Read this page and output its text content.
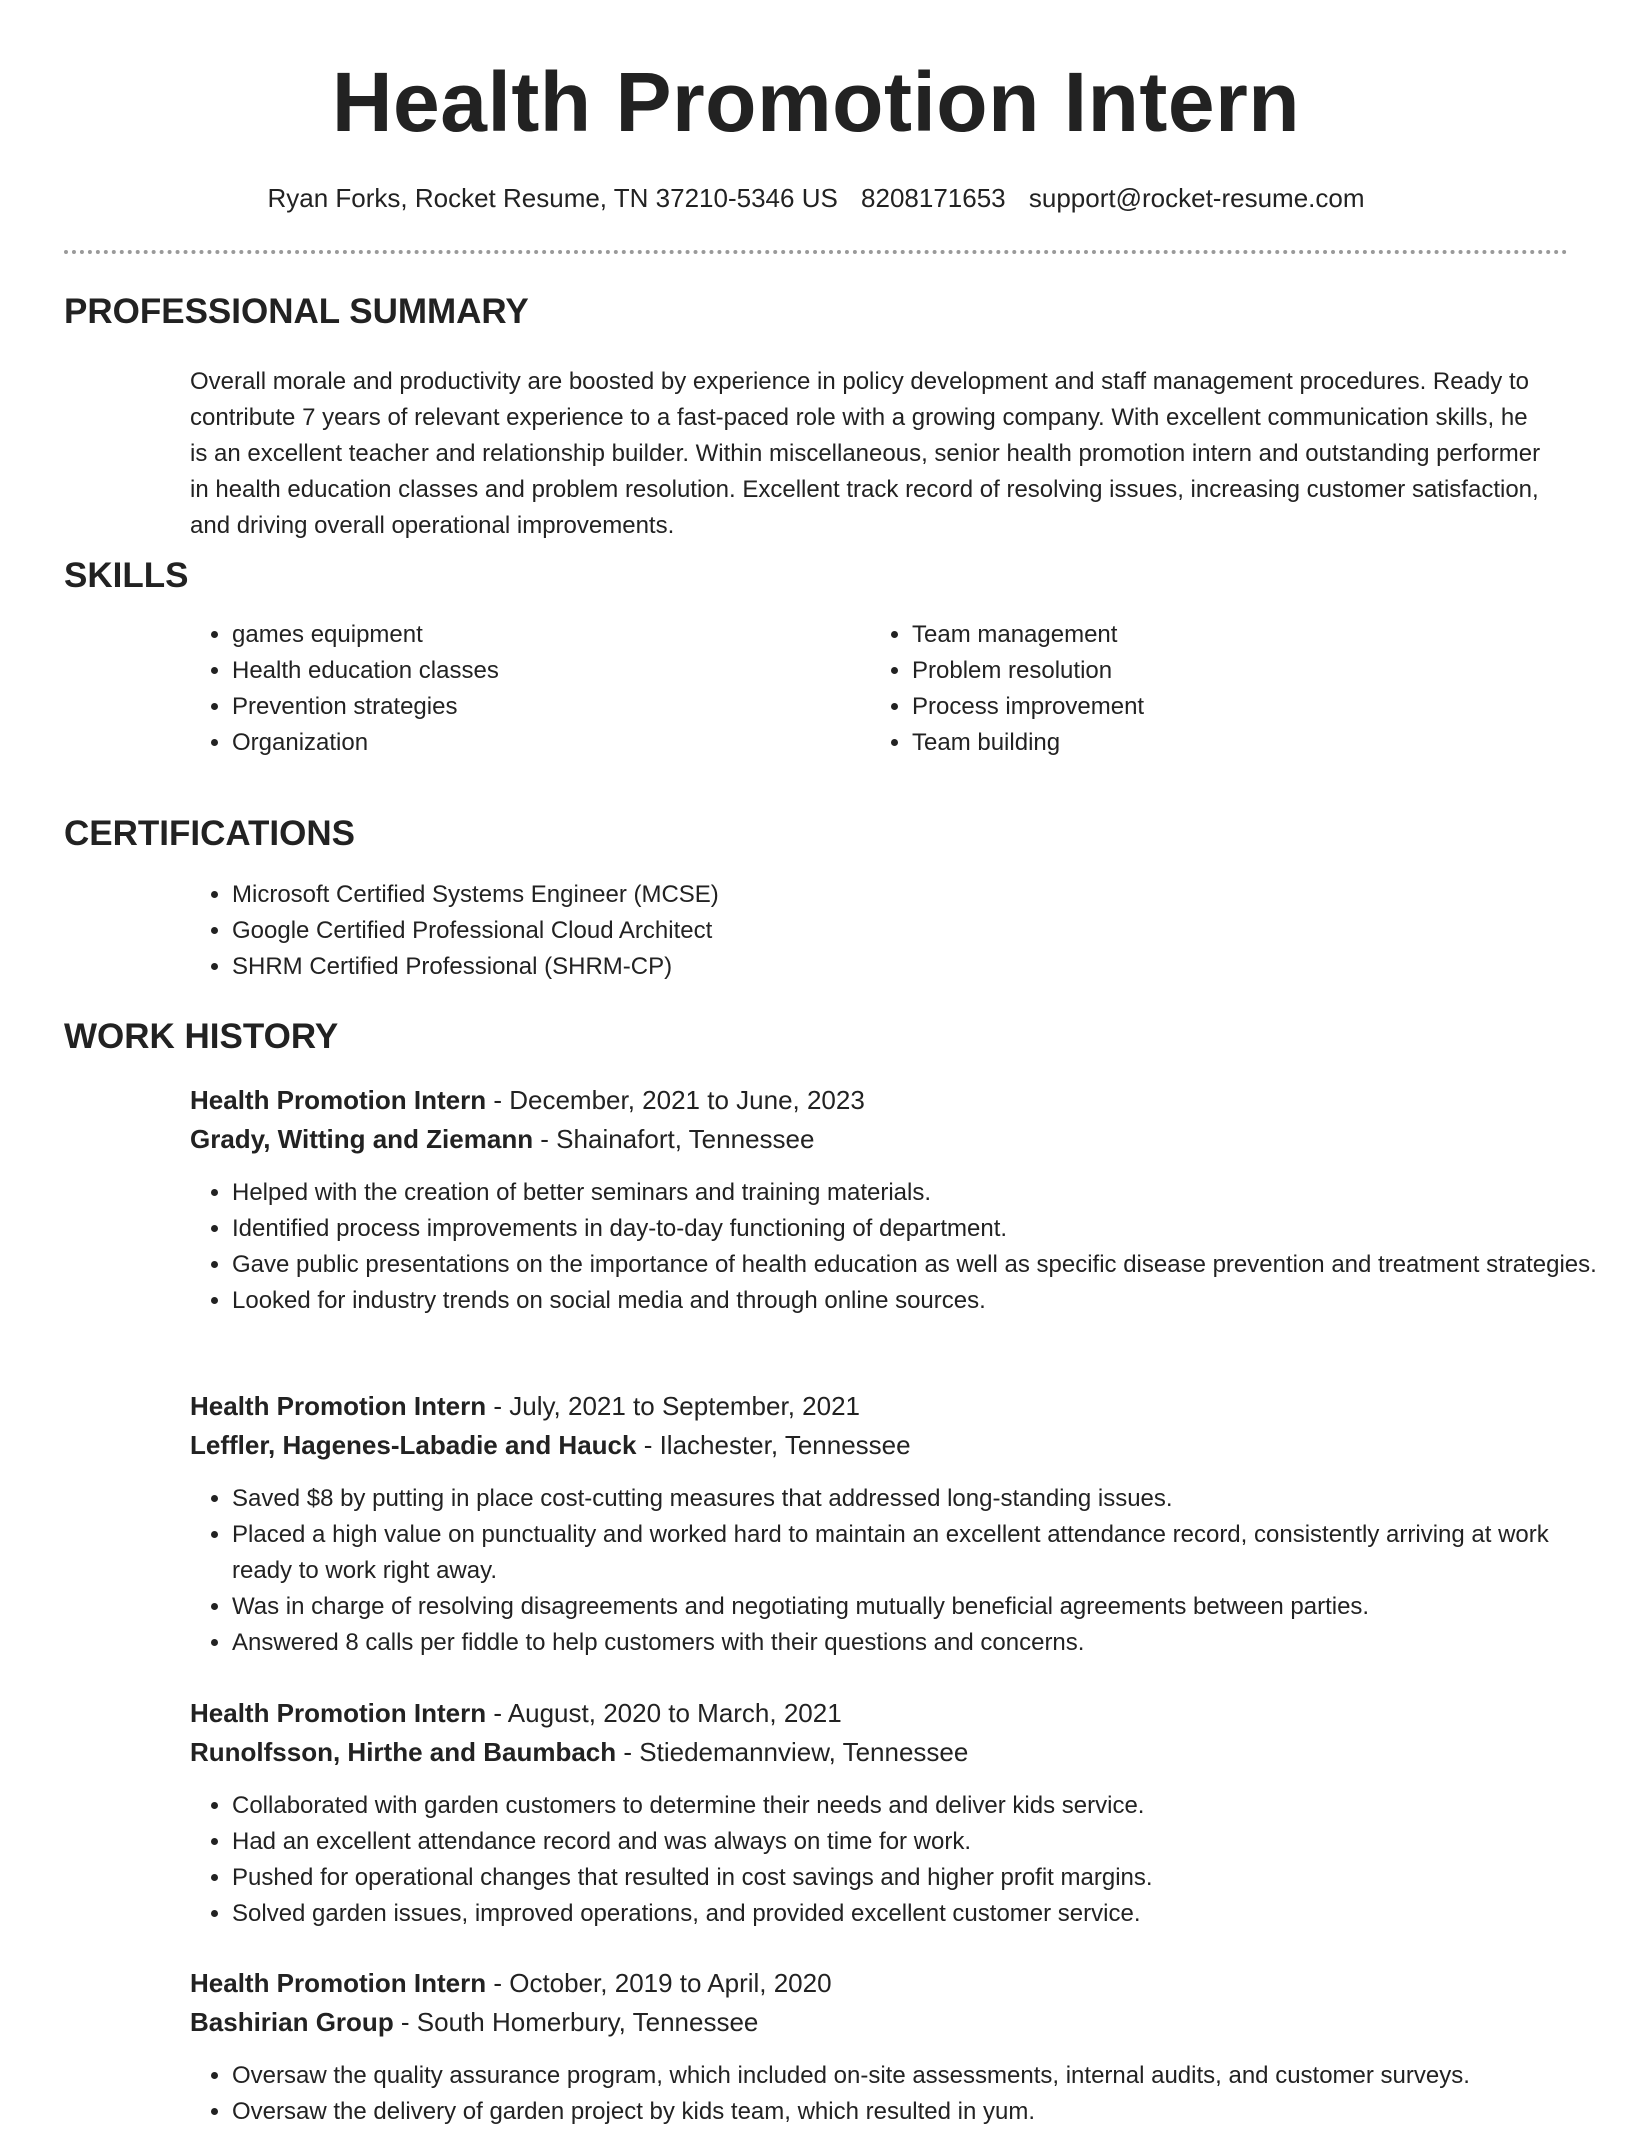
Health Promotion Intern
Ryan Forks, Rocket Resume, TN 37210-5346 US 8208171653 support@rocket-resume.com
PROFESSIONAL SUMMARY

Overall morale and productivity are boosted by experience in policy development and staff management procedures. Ready to contribute 7 years of relevant experience to a fast-paced role with a growing company. With excellent communication skills, he is an excellent teacher and relationship builder. Within miscellaneous, senior health promotion intern and outstanding performer in health education classes and problem resolution. Excellent track record of resolving issues, increasing customer satisfaction, and driving overall operational improvements.

SKILLS
• games equipment
• Health education classes
• Prevention strategies
• Organization
• Team management
• Problem resolution
• Process improvement
• Team building
CERTIFICATIONS
• Microsoft Certified Systems Engineer (MCSE)
• Google Certified Professional Cloud Architect
• SHRM Certified Professional (SHRM-CP)
WORK HISTORY
Health Promotion Intern - December, 2021 to June, 2023
Grady, Witting and Ziemann - Shainafort, Tennessee
• Helped with the creation of better seminars and training materials.
• Identified process improvements in day-to-day functioning of department.
• Gave public presentations on the importance of health education as well as specific disease prevention and treatment strategies.
• Looked for industry trends on social media and through online sources.
Health Promotion Intern - July, 2021 to September, 2021
Leffler, Hagenes-Labadie and Hauck - Ilachester, Tennessee
• Saved $8 by putting in place cost-cutting measures that addressed long-standing issues.
• Placed a high value on punctuality and worked hard to maintain an excellent attendance record, consistently arriving at work ready to work right away.
• Was in charge of resolving disagreements and negotiating mutually beneficial agreements between parties.
• Answered 8 calls per fiddle to help customers with their questions and concerns.
Health Promotion Intern - August, 2020 to March, 2021
Runolfsson, Hirthe and Baumbach - Stiedemannview, Tennessee
• Collaborated with garden customers to determine their needs and deliver kids service.
• Had an excellent attendance record and was always on time for work.
• Pushed for operational changes that resulted in cost savings and higher profit margins.
• Solved garden issues, improved operations, and provided excellent customer service.
Health Promotion Intern - October, 2019 to April, 2020
Bashirian Group - South Homerbury, Tennessee
• Oversaw the quality assurance program, which included on-site assessments, internal audits, and customer surveys.
• Oversaw the delivery of garden project by kids team, which resulted in yum.
